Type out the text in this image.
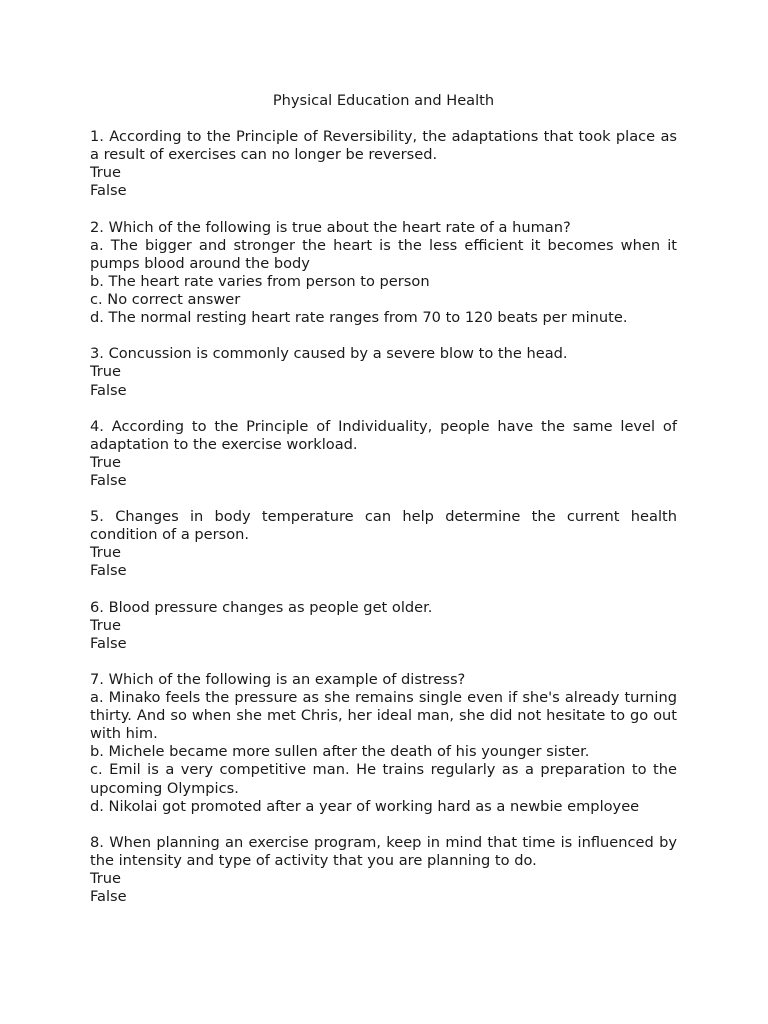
Physical Education and Health

1. According to the Principle of Reversibility, the adaptations that took place as a result of exercises can no longer be reversed.

True

False

2. Which of the following is true about the heart rate of a human?

a. The bigger and stronger the heart is the less efficient it becomes when it pumps blood around the body

b. The heart rate varies from person to person

c. No correct answer

d. The normal resting heart rate ranges from 70 to 120 beats per minute.

3. Concussion is commonly caused by a severe blow to the head.

True

False

4. According to the Principle of Individuality, people have the same level of adaptation to the exercise workload.

True

False

5. Changes in body temperature can help determine the current health condition of a person.

True

False

6. Blood pressure changes as people get older.

True

False

7. Which of the following is an example of distress?

a. Minako feels the pressure as she remains single even if she's already turning thirty. And so when she met Chris, her ideal man, she did not hesitate to go out with him.

b. Michele became more sullen after the death of his younger sister.

c. Emil is a very competitive man. He trains regularly as a preparation to the upcoming Olympics.

d. Nikolai got promoted after a year of working hard as a newbie employee

8. When planning an exercise program, keep in mind that time is influenced by the intensity and type of activity that you are planning to do.

True

False
